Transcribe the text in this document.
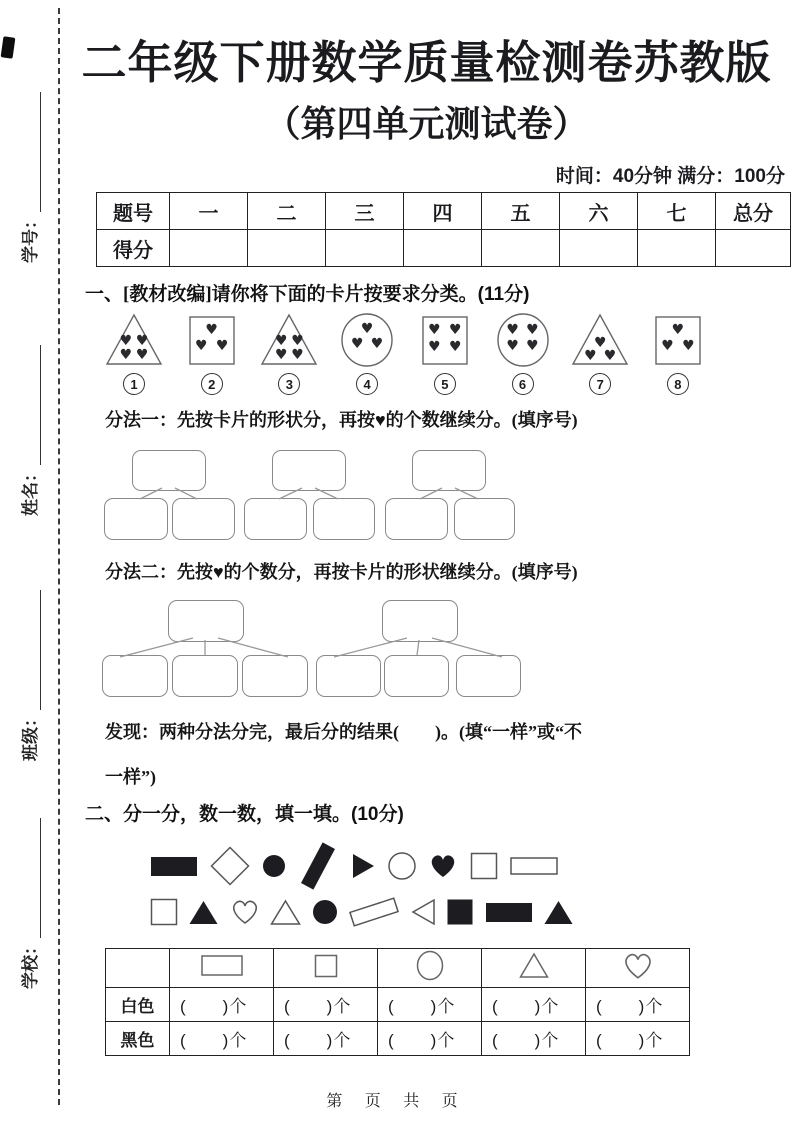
学号：
姓名：
班级：
学校：
二年级下册数学质量检测卷苏教版
（第四单元测试卷）
时间：40分钟 满分：100分
题号	一	二	三	四	五	六	七	总分
得分								
一、[教材改编]请你将下面的卡片按要求分类。(11分)
♥ ♥
♥ ♥
1
♥
♥ ♥
2
♥ ♥
♥ ♥
3
♥
♥ ♥
4
♥ ♥
♥ ♥
5
♥ ♥
♥ ♥
6
♥
♥ ♥
7
♥
♥ ♥
8
分法一：先按卡片的形状分，再按♥的个数继续分。(填序号)
分法二：先按♥的个数分，再按卡片的形状继续分。(填序号)
发现：两种分法分完，最后分的结果(　　)。(填“一样”或“不
一样”)
二、分一分，数一数，填一填。(10分)

白色	(　　)个	(　　)个	(　　)个	(　　)个	(　　)个
黑色	(　　)个	(　　)个	(　　)个	(　　)个	(　　)个
第 页 共 页
